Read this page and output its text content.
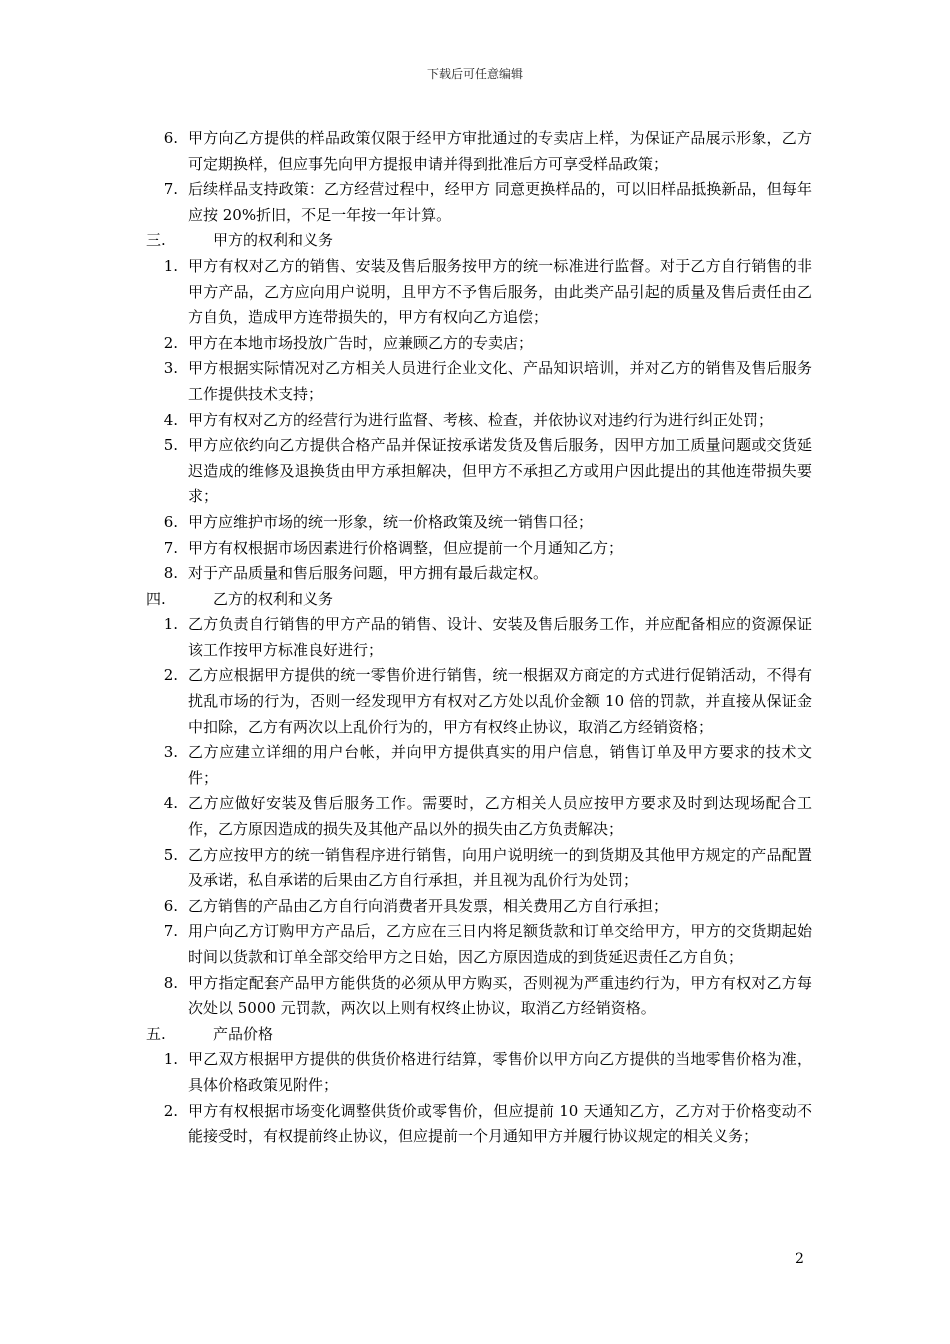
下载后可任意编辑
6. 甲方向乙方提供的样品政策仅限于经甲方审批通过的专卖店上样，为保证产品展示形象，乙方可定期换样，但应事先向甲方提报申请并得到批准后方可享受样品政策；
7. 后续样品支持政策：乙方经营过程中，经甲方 同意更换样品的，可以旧样品抵换新品，但每年应按 20%折旧，不足一年按一年计算。
三.	甲方的权利和义务
1. 甲方有权对乙方的销售、安装及售后服务按甲方的统一标准进行监督。对于乙方自行销售的非甲方产品，乙方应向用户说明，且甲方不予售后服务，由此类产品引起的质量及售后责任由乙方自负，造成甲方连带损失的，甲方有权向乙方追偿；
2. 甲方在本地市场投放广告时，应兼顾乙方的专卖店；
3. 甲方根据实际情况对乙方相关人员进行企业文化、产品知识培训，并对乙方的销售及售后服务工作提供技术支持；
4. 甲方有权对乙方的经营行为进行监督、考核、检查，并依协议对违约行为进行纠正处罚；
5. 甲方应依约向乙方提供合格产品并保证按承诺发货及售后服务，因甲方加工质量问题或交货延迟造成的维修及退换货由甲方承担解决，但甲方不承担乙方或用户因此提出的其他连带损失要求；
6. 甲方应维护市场的统一形象，统一价格政策及统一销售口径；
7. 甲方有权根据市场因素进行价格调整，但应提前一个月通知乙方；
8. 对于产品质量和售后服务问题，甲方拥有最后裁定权。
四.	乙方的权利和义务
1. 乙方负责自行销售的甲方产品的销售、设计、安装及售后服务工作，并应配备相应的资源保证该工作按甲方标准良好进行；
2. 乙方应根据甲方提供的统一零售价进行销售，统一根据双方商定的方式进行促销活动，不得有扰乱市场的行为，否则一经发现甲方有权对乙方处以乱价金额 10 倍的罚款，并直接从保证金中扣除，乙方有两次以上乱价行为的，甲方有权终止协议，取消乙方经销资格；
3. 乙方应建立详细的用户台帐，并向甲方提供真实的用户信息，销售订单及甲方要求的技术文件；
4. 乙方应做好安装及售后服务工作。需要时，乙方相关人员应按甲方要求及时到达现场配合工作，乙方原因造成的损失及其他产品以外的损失由乙方负责解决；
5. 乙方应按甲方的统一销售程序进行销售，向用户说明统一的到货期及其他甲方规定的产品配置及承诺，私自承诺的后果由乙方自行承担，并且视为乱价行为处罚；
6. 乙方销售的产品由乙方自行向消费者开具发票，相关费用乙方自行承担；
7. 用户向乙方订购甲方产品后，乙方应在三日内将足额货款和订单交给甲方，甲方的交货期起始时间以货款和订单全部交给甲方之日始，因乙方原因造成的到货延迟责任乙方自负；
8. 甲方指定配套产品甲方能供货的必须从甲方购买，否则视为严重违约行为，甲方有权对乙方每次处以 5000 元罚款，两次以上则有权终止协议，取消乙方经销资格。
五.	产品价格
1. 甲乙双方根据甲方提供的供货价格进行结算，零售价以甲方向乙方提供的当地零售价格为准，具体价格政策见附件；
2. 甲方有权根据市场变化调整供货价或零售价，但应提前 10 天通知乙方，乙方对于价格变动不能接受时，有权提前终止协议，但应提前一个月通知甲方并履行协议规定的相关义务；
2
